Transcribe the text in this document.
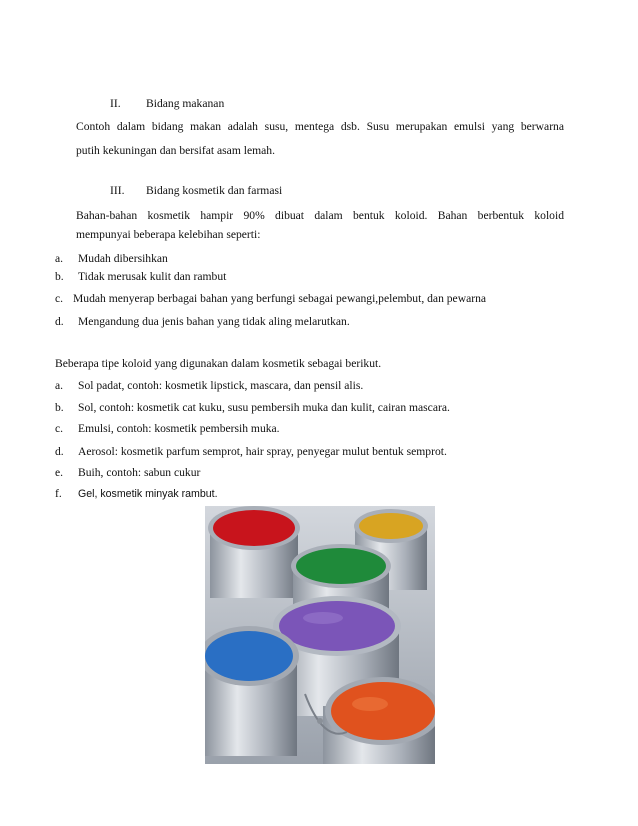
II. Bidang makanan
Contoh dalam bidang makan adalah susu, mentega dsb. Susu merupakan emulsi yang berwarna
putih kekuningan dan bersifat asam lemah.
III. Bidang kosmetik dan farmasi
Bahan-bahan kosmetik hampir 90% dibuat dalam bentuk koloid. Bahan berbentuk koloid
mempunyai beberapa kelebihan seperti:
a. Mudah dibersihkan
b. Tidak merusak kulit dan rambut
c. Mudah menyerap berbagai bahan yang berfungi sebagai pewangi,pelembut, dan pewarna
d. Mengandung dua jenis bahan yang tidak aling melarutkan.
Beberapa tipe koloid yang digunakan dalam kosmetik sebagai berikut.
a. Sol padat, contoh: kosmetik lipstick, mascara, dan pensil alis.
b. Sol, contoh: kosmetik cat kuku, susu pembersih muka dan kulit, cairan mascara.
c. Emulsi, contoh: kosmetik pembersih muka.
d. Aerosol: kosmetik parfum semprot, hair spray, penyegar mulut bentuk semprot.
e. Buih, contoh: sabun cukur
f. Gel, kosmetik minyak rambut.
